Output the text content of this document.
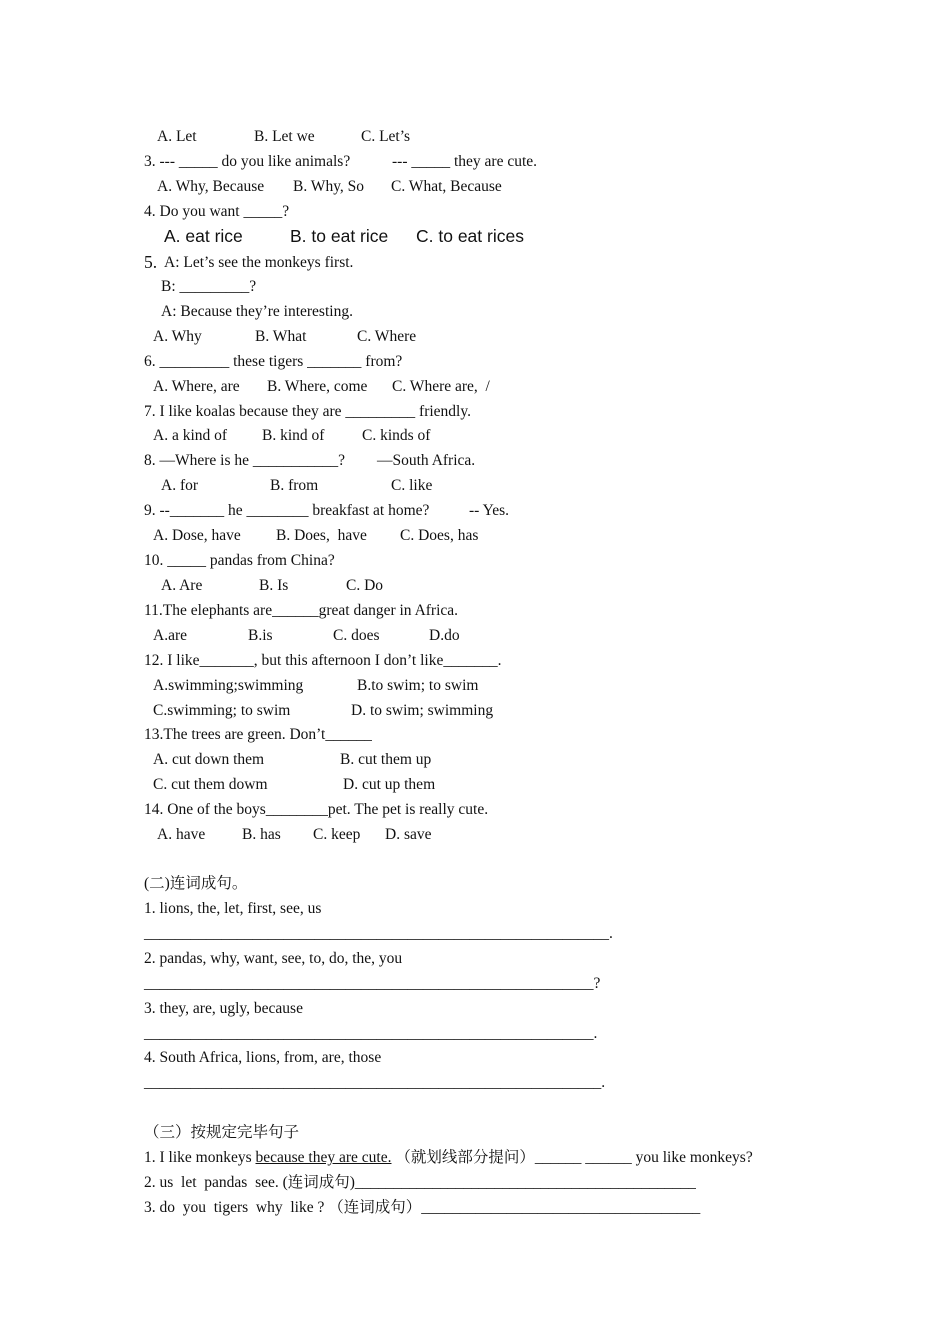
A. Let	B. Let we	C. Let’s
3. --- _____ do you like animals?	--- _____ they are cute.
A. Why, Because B. Why, So C. What, Because
4. Do you want _____?
A. eat rice	B. to eat rice C. to eat rices
5. A: Let’s see the monkeys first.
B: _________?
A: Because they’re interesting.
A. Why	B. What	C. Where
6. _________ these tigers _______ from?
A. Where, are B. Where, come C. Where are,  /
7. I like koalas because they are _________ friendly.
A. a kind of B. kind of C. kinds of
8. —Where is he ___________? —South Africa.
A. for	B. from	C. like
9. --_______ he ________ breakfast at home?	-- Yes.
A. Dose, have B. Does,  have C. Does, has
10. _____ pandas from China?
A. Are	B. Is	C. Do
11.The elephants are______great danger in Africa.
A.are	B.is	C. does	D.do
12. I like_______, but this afternoon I don’t like_______.
A.swimming;swimming	B.to swim; to swim
C.swimming; to swim	D. to swim; swimming
13.The trees are green. Don’t______
A. cut down them	B. cut them up
C. cut them dowm	D. cut up them
14. One of the boys________pet. The pet is really cute.
A. have B. has C. keep D. save
(二)连词成句。
1. lions, the, let, first, see, us
____________________________________________________________.
2. pandas, why, want, see, to, do, the, you
__________________________________________________________?
3. they, are, ugly, because
__________________________________________________________.
4. South Africa, lions, from, are, those
___________________________________________________________.
（三）按规定完毕句子
1. I like monkeys because they are cute. （就划线部分提问）______ ______ you like monkeys?
2. us  let  pandas  see. (连词成句)____________________________________________
3. do  you  tigers  why  like ? （连词成句）____________________________________
